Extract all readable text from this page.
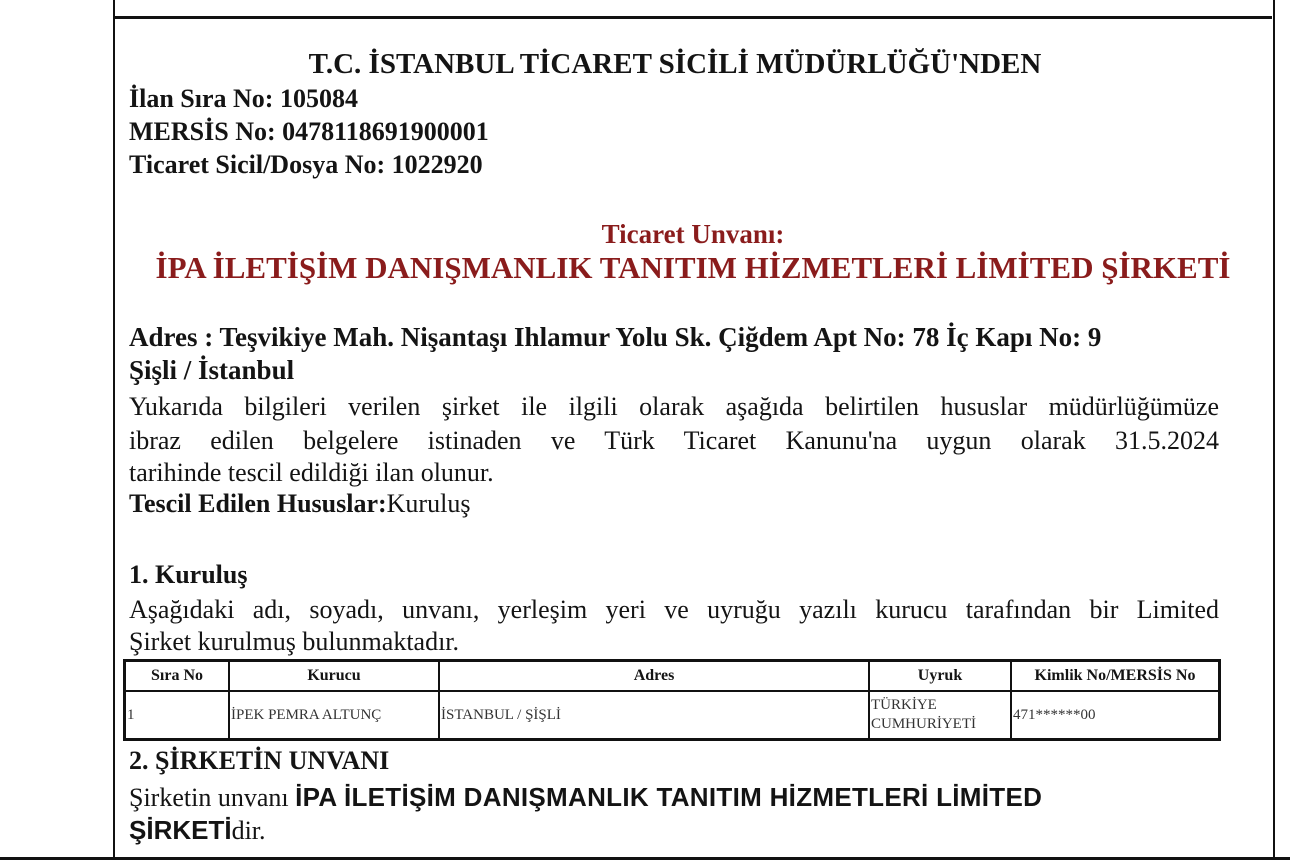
T.C. İSTANBUL TİCARET SİCİLİ MÜDÜRLÜĞÜ'NDEN
İlan Sıra No: 105084
MERSİS No: 0478118691900001
Ticaret Sicil/Dosya No: 1022920
Ticaret Unvanı:
İPA İLETİŞİM DANIŞMANLIK TANITIM HİZMETLERİ LİMİTED ŞİRKETİ
Adres : Teşvikiye Mah. Nişantaşı Ihlamur Yolu Sk. Çiğdem Apt No: 78 İç Kapı No: 9
Şişli / İstanbul
Yukarıda bilgileri verilen şirket ile ilgili olarak aşağıda belirtilen hususlar müdürlüğümüze
ibraz edilen belgelere istinaden ve Türk Ticaret Kanunu'na uygun olarak 31.5.2024
tarihinde tescil edildiği ilan olunur.
Tescil Edilen Hususlar:Kuruluş
1. Kuruluş
Aşağıdaki adı, soyadı, unvanı, yerleşim yeri ve uyruğu yazılı kurucu tarafından bir Limited
Şirket kurulmuş bulunmaktadır.
Sıra No	Kurucu	Adres	Uyruk	Kimlik No/MERSİS No
1	İPEK PEMRA ALTUNÇ	İSTANBUL / ŞİŞLİ	TÜRKİYE
CUMHURİYETİ	471******00
2. ŞİRKETİN UNVANI
Şirketin unvanı İPA İLETİŞİM DANIŞMANLIK TANITIM HİZMETLERİ LİMİTED
ŞİRKETİdir.
